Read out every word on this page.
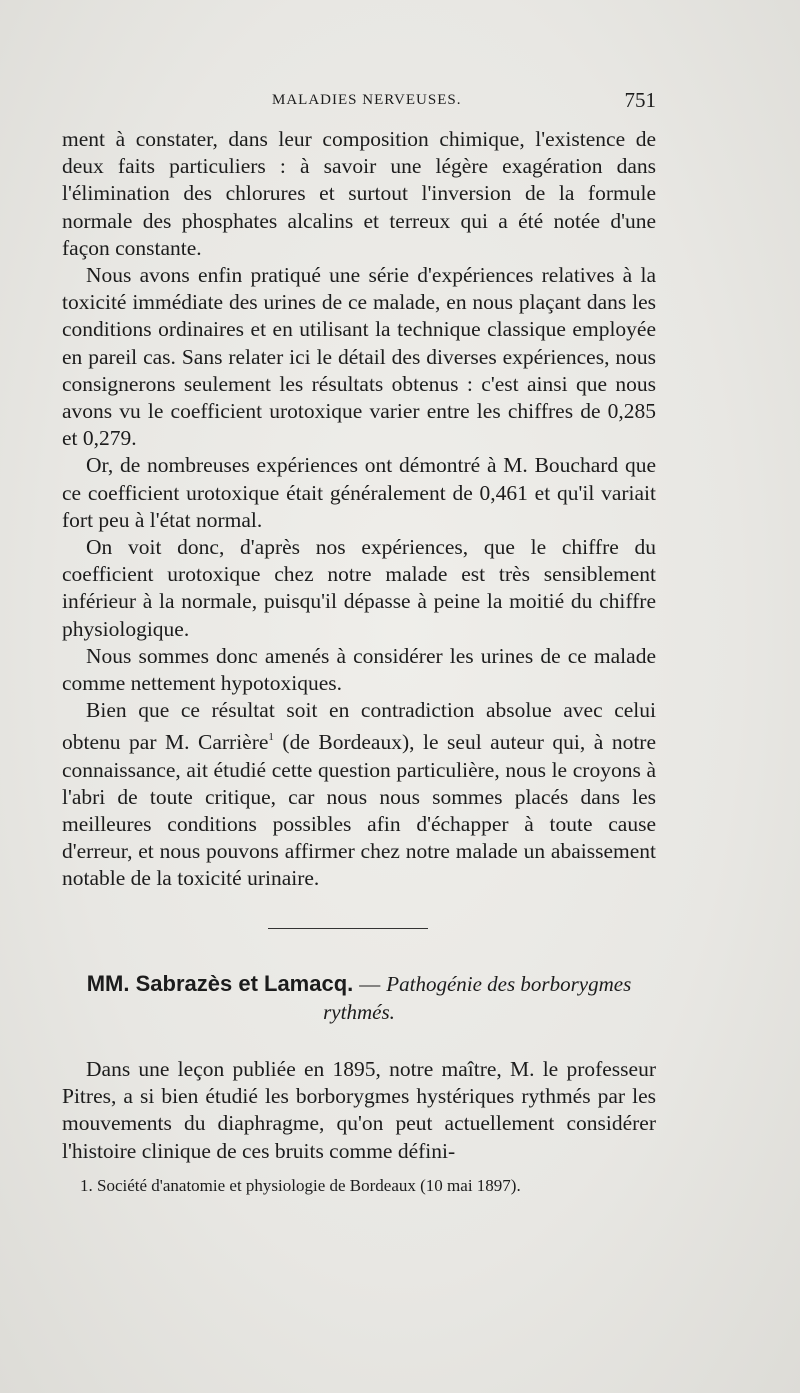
MALADIES NERVEUSES.	751

ment à constater, dans leur composition chimique, l'existence de deux faits particuliers : à savoir une légère exagération dans l'élimination des chlorures et surtout l'inversion de la formule normale des phosphates alcalins et terreux qui a été notée d'une façon constante.

Nous avons enfin pratiqué une série d'expériences relatives à la toxicité immédiate des urines de ce malade, en nous plaçant dans les conditions ordinaires et en utilisant la technique classique employée en pareil cas. Sans relater ici le détail des diverses expériences, nous consignerons seulement les résultats obtenus : c'est ainsi que nous avons vu le coefficient urotoxique varier entre les chiffres de 0,285 et 0,279.

Or, de nombreuses expériences ont démontré à M. Bouchard que ce coefficient urotoxique était généralement de 0,461 et qu'il variait fort peu à l'état normal.

On voit donc, d'après nos expériences, que le chiffre du coefficient urotoxique chez notre malade est très sensiblement inférieur à la normale, puisqu'il dépasse à peine la moitié du chiffre physiologique.

Nous sommes donc amenés à considérer les urines de ce malade comme nettement hypotoxiques.

Bien que ce résultat soit en contradiction absolue avec celui obtenu par M. Carrière$^1$ (de Bordeaux), le seul auteur qui, à notre connaissance, ait étudié cette question particulière, nous le croyons à l'abri de toute critique, car nous nous sommes placés dans les meilleures conditions possibles afin d'échapper à toute cause d'erreur, et nous pouvons affirmer chez notre malade un abaissement notable de la toxicité urinaire.

MM. Sabrazès et Lamacq. — Pathogénie des borborygmes rythmés.

Dans une leçon publiée en 1895, notre maître, M. le professeur Pitres, a si bien étudié les borborygmes hystériques rythmés par les mouvements du diaphragme, qu'on peut actuellement considérer l'histoire clinique de ces bruits comme défini-

1. Société d'anatomie et physiologie de Bordeaux (10 mai 1897).
